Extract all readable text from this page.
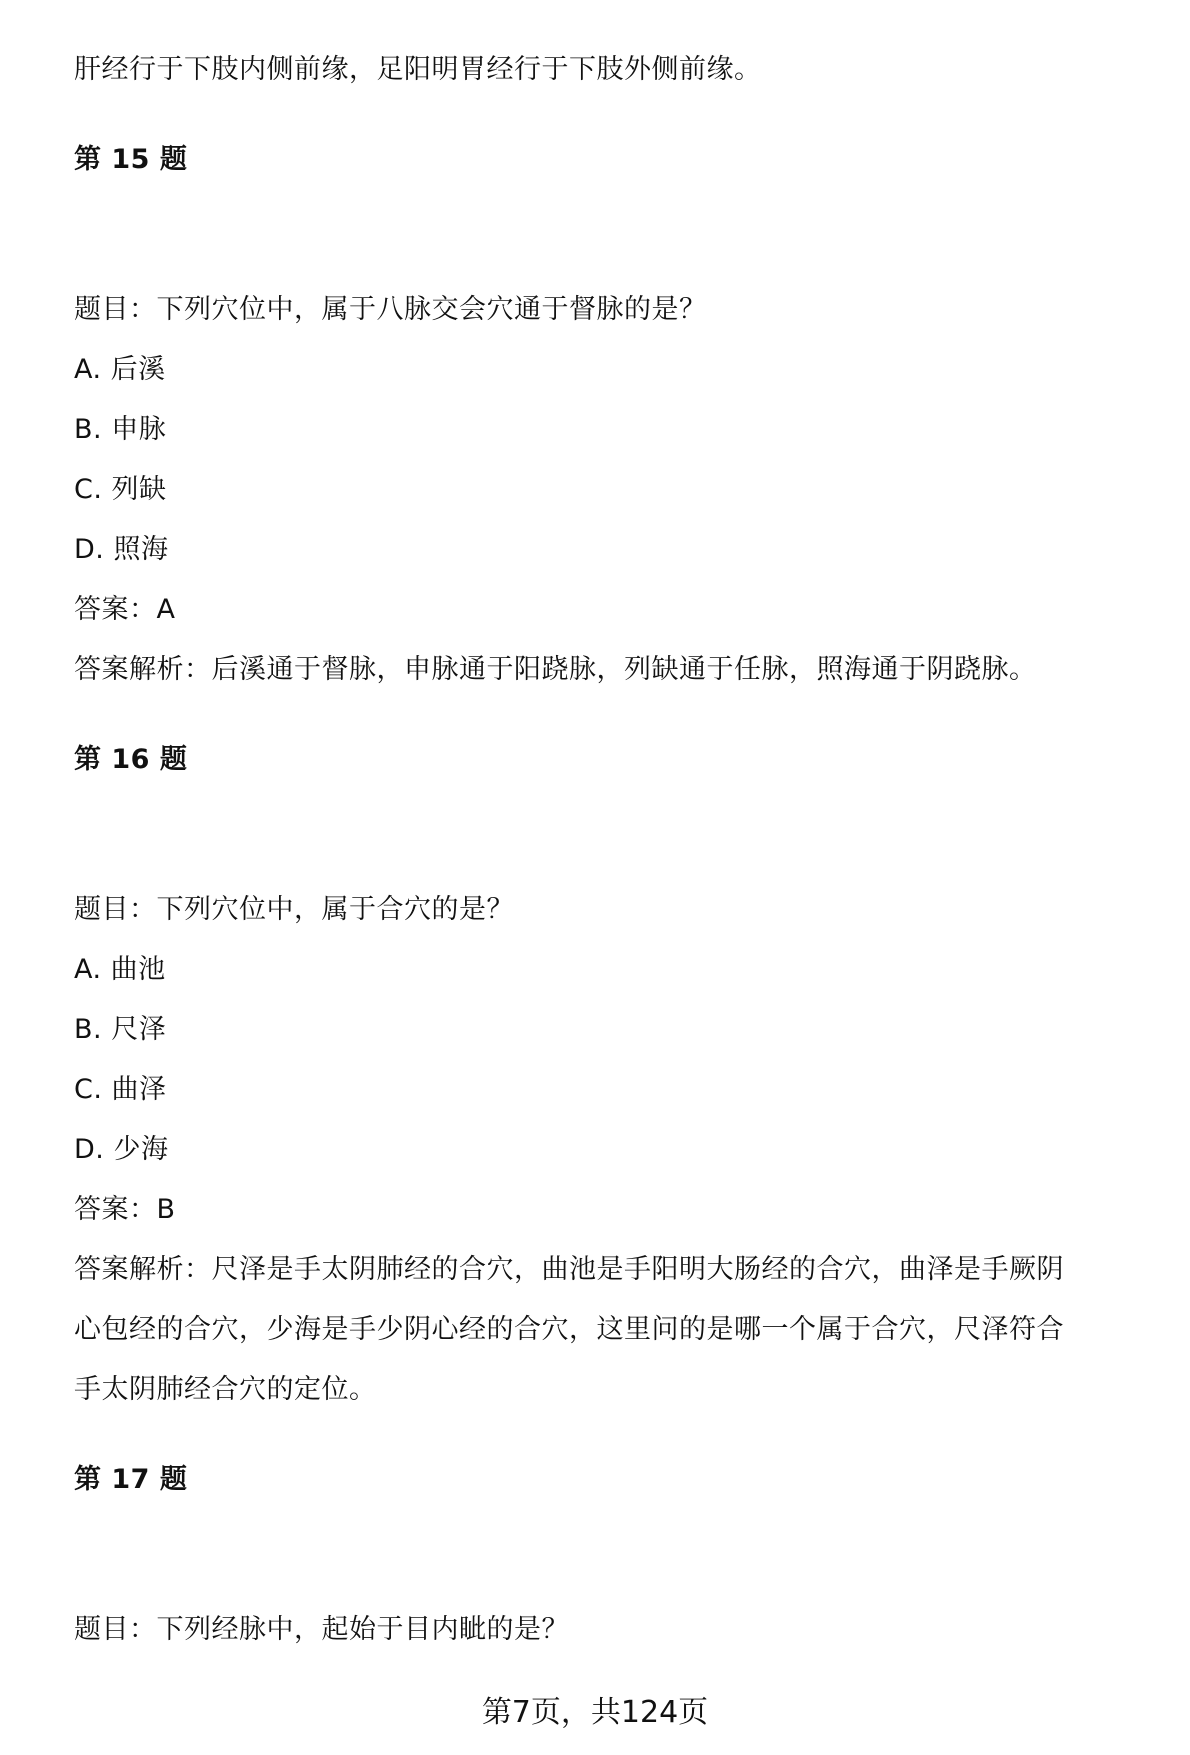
肝经行于下肢内侧前缘，足阳明胃经行于下肢外侧前缘。
第 15 题
题目：下列穴位中，属于八脉交会穴通于督脉的是？
A. 后溪
B. 申脉
C. 列缺
D. 照海
答案：A
答案解析：后溪通于督脉，申脉通于阳跷脉，列缺通于任脉，照海通于阴跷脉。
第 16 题
题目：下列穴位中，属于合穴的是？
A. 曲池
B. 尺泽
C. 曲泽
D. 少海
答案：B
答案解析：尺泽是手太阴肺经的合穴，曲池是手阳明大肠经的合穴，曲泽是手厥阴
心包经的合穴，少海是手少阴心经的合穴，这里问的是哪一个属于合穴，尺泽符合
手太阴肺经合穴的定位。
第 17 题
题目：下列经脉中，起始于目内眦的是？
第7页，共124页
